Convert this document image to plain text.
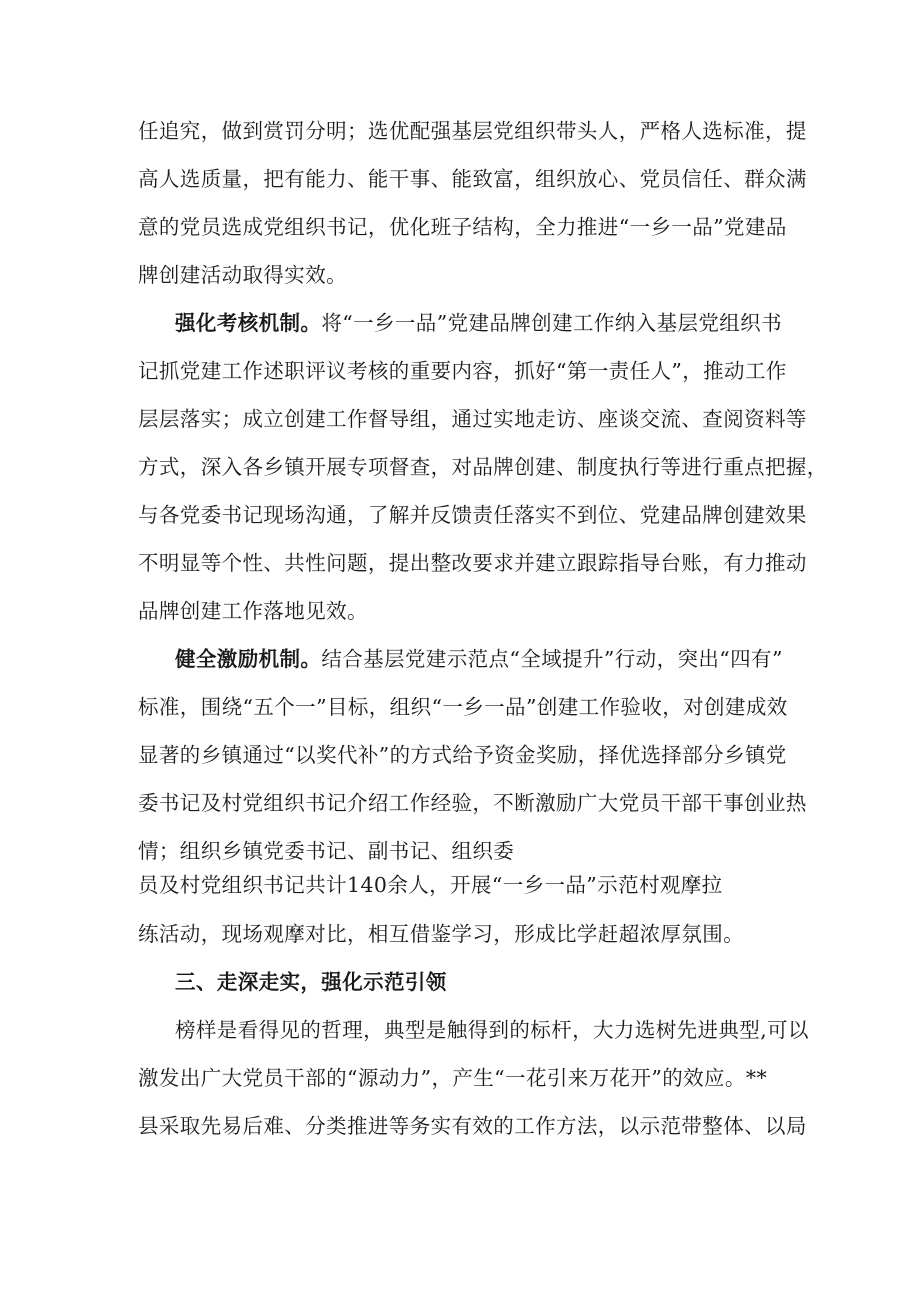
任追究，做到赏罚分明；选优配强基层党组织带头人，严格人选标准，提
高人选质量，把有能力、能干事、能致富，组织放心、党员信任、群众满
意的党员选成党组织书记，优化班子结构，全力推进“一乡一品”党建品
牌创建活动取得实效。
强化考核机制。将“一乡一品”党建品牌创建工作纳入基层党组织书
记抓党建工作述职评议考核的重要内容，抓好“第一责任人”，推动工作
层层落实；成立创建工作督导组，通过实地走访、座谈交流、查阅资料等
方式，深入各乡镇开展专项督查，对品牌创建、制度执行等进行重点把握，
与各党委书记现场沟通，了解并反馈责任落实不到位、党建品牌创建效果
不明显等个性、共性问题，提出整改要求并建立跟踪指导台账，有力推动
品牌创建工作落地见效。
健全激励机制。结合基层党建示范点“全域提升”行动，突出“四有”
标准，围绕“五个一”目标，组织“一乡一品”创建工作验收，对创建成效
显著的乡镇通过“以奖代补”的方式给予资金奖励，择优选择部分乡镇党
委书记及村党组织书记介绍工作经验，不断激励广大党员干部干事创业热
情；组织乡镇党委书记、副书记、组织委
员及村党组织书记共计140余人，开展“一乡一品”示范村观摩拉
练活动，现场观摩对比，相互借鉴学习，形成比学赶超浓厚氛围。
三、走深走实，强化示范引领
榜样是看得见的哲理，典型是触得到的标杆，大力选树先进典型,可以
激发出广大党员干部的“源动力”，产生“一花引来万花开”的效应。**
县采取先易后难、分类推进等务实有效的工作方法，以示范带整体、以局
